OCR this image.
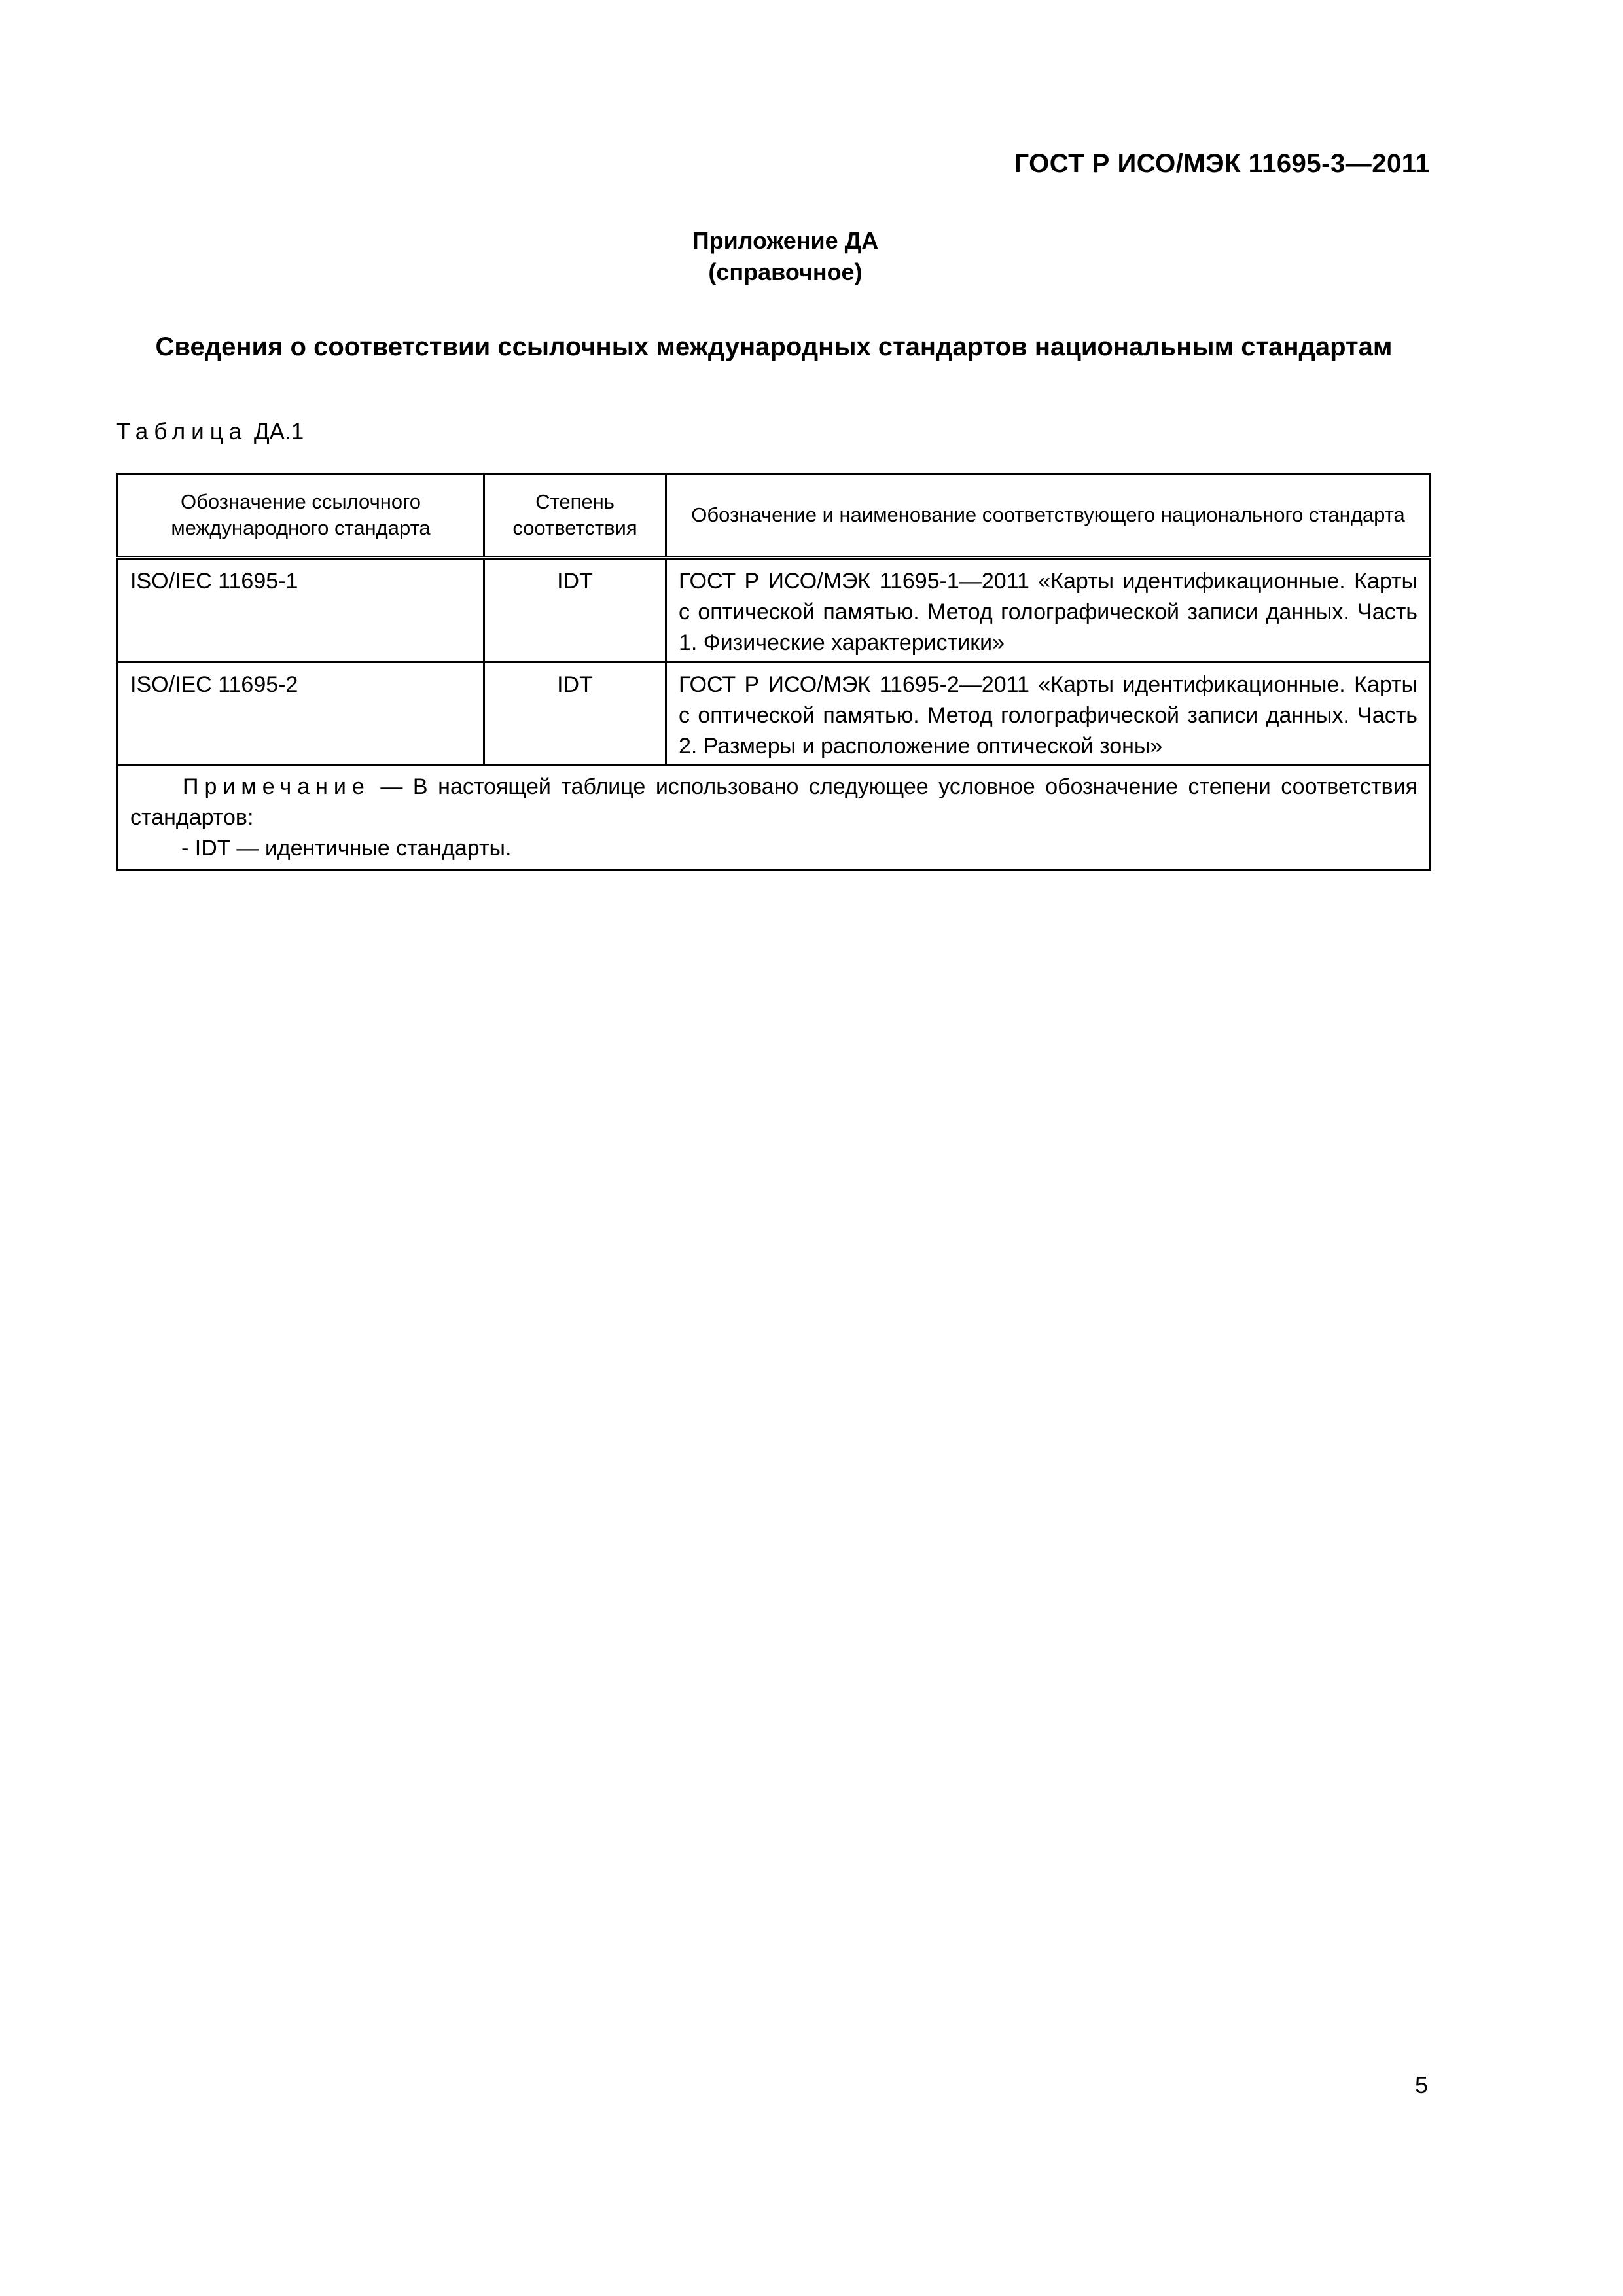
ГОСТ Р ИСО/МЭК 11695-3—2011
Приложение ДА
(справочное)
Сведения о соответствии ссылочных международных стандартов национальным стандартам
Таблица ДА.1
Обозначение ссылочного международного стандарта	Степень соответствия	Обозначение и наименование соответствующего национального стандарта
ISO/IEC 11695-1	IDT	ГОСТ Р ИСО/МЭК 11695-1—2011 «Карты идентификационные. Карты с оптической памятью. Метод голографической записи данных. Часть 1. Физические характеристики»
ISO/IEC 11695-2	IDT	ГОСТ Р ИСО/МЭК 11695-2—2011 «Карты идентификационные. Карты с оптической памятью. Метод голографической записи данных. Часть 2. Размеры и расположение оптической зоны»

Примечание — В настоящей таблице использовано следующее условное обозначение степени соответствия стандартов:
- IDT — идентичные стандарты.		
5
